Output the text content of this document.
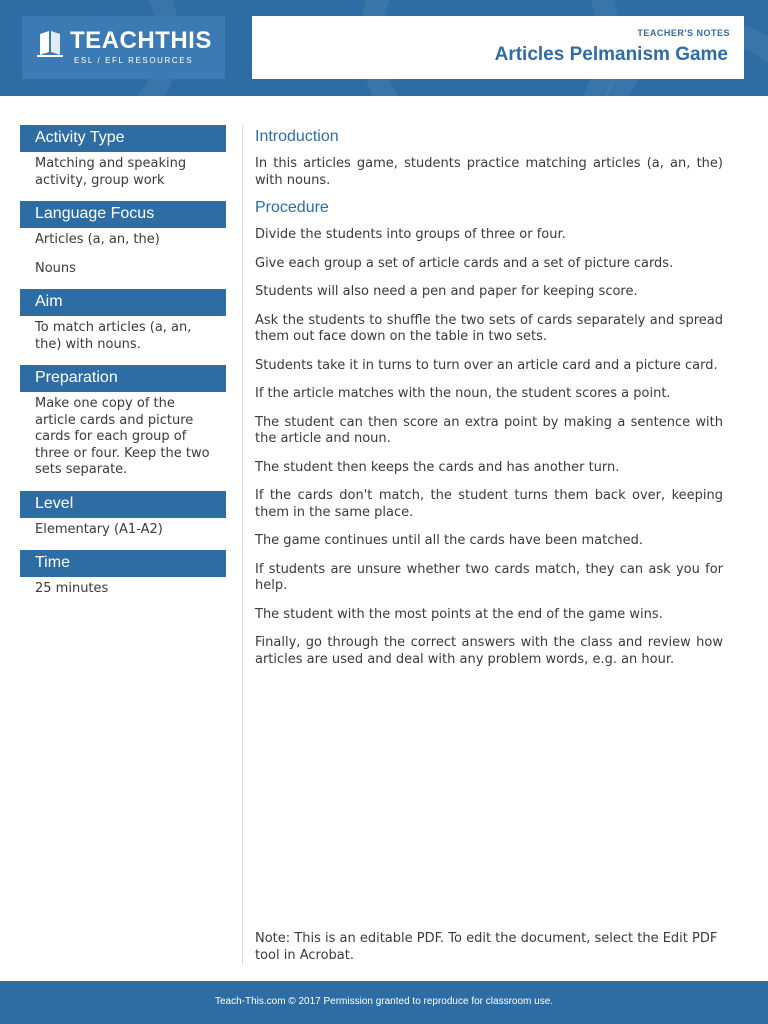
TEACHTHIS
ESL / EFL RESOURCES
TEACHER'S NOTES
Articles Pelmanism Game
Activity Type

Matching and speaking activity, group work

Language Focus

Articles (a, an, the)

Nouns

Aim

To match articles (a, an, the) with nouns.

Preparation

Make one copy of the article cards and picture cards for each group of three or four. Keep the two sets separate.

Level

Elementary (A1-A2)

Time

25 minutes

Introduction

In this articles game, students practice matching articles (a, an, the) with nouns.

Procedure

Divide the students into groups of three or four.

Give each group a set of article cards and a set of picture cards.

Students will also need a pen and paper for keeping score.

Ask the students to shuffle the two sets of cards separately and spread them out face down on the table in two sets.

Students take it in turns to turn over an article card and a picture card.

If the article matches with the noun, the student scores a point.

The student can then score an extra point by making a sentence with the article and noun.

The student then keeps the cards and has another turn.

If the cards don't match, the student turns them back over, keeping them in the same place.

The game continues until all the cards have been matched.

If students are unsure whether two cards match, they can ask you for help.

The student with the most points at the end of the game wins.

Finally, go through the correct answers with the class and review how articles are used and deal with any problem words, e.g. an hour.

Note: This is an editable PDF. To edit the document, select the Edit PDF tool in Acrobat.
Teach-This.com © 2017 Permission granted to reproduce for classroom use.
